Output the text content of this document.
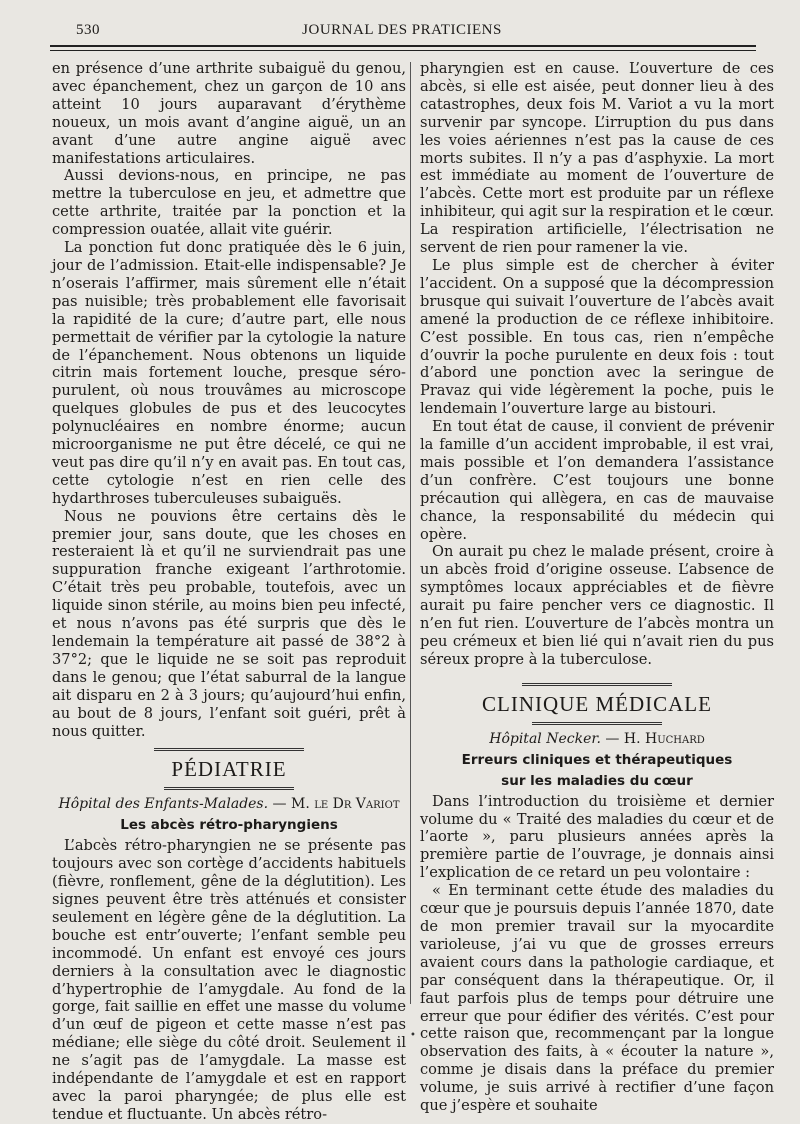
530	JOURNAL DES PRATICIENS

en présence d’une arthrite subaiguë du genou, avec épanchement, chez un garçon de 10 ans atteint 10 jours auparavant d’érythème noueux, un mois avant d’angine aiguë, un an avant d’une autre angine aiguë avec manifestations articulaires.

Aussi devions-nous, en principe, ne pas mettre la tuberculose en jeu, et admettre que cette arthrite, traitée par la ponction et la compression ouatée, allait vite guérir.

La ponction fut donc pratiquée dès le 6 juin, jour de l’admission. Etait-elle indispensable? Je n’oserais l’affirmer, mais sûrement elle n’était pas nuisible; très probablement elle favorisait la rapidité de la cure; d’autre part, elle nous permettait de vérifier par la cytologie la nature de l’épanchement. Nous obtenons un liquide citrin mais fortement louche, presque séro-purulent, où nous trouvâmes au microscope quelques globules de pus et des leucocytes polynucléaires en nombre énorme; aucun microorganisme ne put être décelé, ce qui ne veut pas dire qu’il n’y en avait pas. En tout cas, cette cytologie n’est en rien celle des hydarthroses tuberculeuses subaiguës.

Nous ne pouvions être certains dès le premier jour, sans doute, que les choses en resteraient là et qu’il ne surviendrait pas une suppuration franche exigeant l’arthrotomie. C’était très peu probable, toutefois, avec un liquide sinon stérile, au moins bien peu infecté, et nous n’avons pas été surpris que dès le lendemain la température ait passé de 38°2 à 37°2; que le liquide ne se soit pas reproduit dans le genou; que l’état saburral de la langue ait disparu en 2 à 3 jours; qu’aujourd’hui enfin, au bout de 8 jours, l’enfant soit guéri, prêt à nous quitter.

PÉDIATRIE
Hôpital des Enfants-Malades. — M. le Dr Variot
Les abcès rétro-pharyngiens

L’abcès rétro-pharyngien ne se présente pas toujours avec son cortège d’accidents habituels (fièvre, ronflement, gêne de la déglutition). Les signes peuvent être très atténués et consister seulement en légère gêne de la déglutition. La bouche est entr’ouverte; l’enfant semble peu incommodé. Un enfant est envoyé ces jours derniers à la consultation avec le diagnostic d’hypertrophie de l’amygdale. Au fond de la gorge, fait saillie en effet une masse du volume d’un œuf de pigeon et cette masse n’est pas médiane; elle siège du côté droit. Seulement il ne s’agit pas de l’amygdale. La masse est indépendante de l’amygdale et est en rapport avec la paroi pharyngée; de plus elle est tendue et fluctuante. Un abcès rétro-

pharyngien est en cause. L’ouverture de ces abcès, si elle est aisée, peut donner lieu à des catastrophes, deux fois M. Variot a vu la mort survenir par syncope. L’irruption du pus dans les voies aériennes n’est pas la cause de ces morts subites. Il n’y a pas d’asphyxie. La mort est immédiate au moment de l’ouverture de l’abcès. Cette mort est produite par un réflexe inhibiteur, qui agit sur la respiration et le cœur. La respiration artificielle, l’électrisation ne servent de rien pour ramener la vie.

Le plus simple est de chercher à éviter l’accident. On a supposé que la décompression brusque qui suivait l’ouverture de l’abcès avait amené la production de ce réflexe inhibitoire. C’est possible. En tous cas, rien n’empêche d’ouvrir la poche purulente en deux fois : tout d’abord une ponction avec la seringue de Pravaz qui vide légèrement la poche, puis le lendemain l’ouverture large au bistouri.

En tout état de cause, il convient de prévenir la famille d’un accident improbable, il est vrai, mais possible et l’on demandera l’assistance d’un confrère. C’est toujours une bonne précaution qui allègera, en cas de mauvaise chance, la responsabilité du médecin qui opère.

On aurait pu chez le malade présent, croire à un abcès froid d’origine osseuse. L’absence de symptômes locaux appréciables et de fièvre aurait pu faire pencher vers ce diagnostic. Il n’en fut rien. L’ouverture de l’abcès montra un peu crémeux et bien lié qui n’avait rien du pus séreux propre à la tuberculose.

CLINIQUE MÉDICALE
Hôpital Necker. — H. Huchard
Erreurs cliniques et thérapeutiques
sur les maladies du cœur

Dans l’introduction du troisième et dernier volume du « Traité des maladies du cœur et de l’aorte », paru plusieurs années après la première partie de l’ouvrage, je donnais ainsi l’explication de ce retard un peu volontaire :

« En terminant cette étude des maladies du cœur que je poursuis depuis l’année 1870, date de mon premier travail sur la myocardite varioleuse, j’ai vu que de grosses erreurs avaient cours dans la pathologie cardiaque, et par conséquent dans la thérapeutique. Or, il faut parfois plus de temps pour détruire une erreur que pour édifier des vérités. C’est pour cette raison que, recommençant par la longue observation des faits, à « écouter la nature », comme je disais dans la préface du premier volume, je suis arrivé à rectifier d’une façon que j’espère et souhaite

•
